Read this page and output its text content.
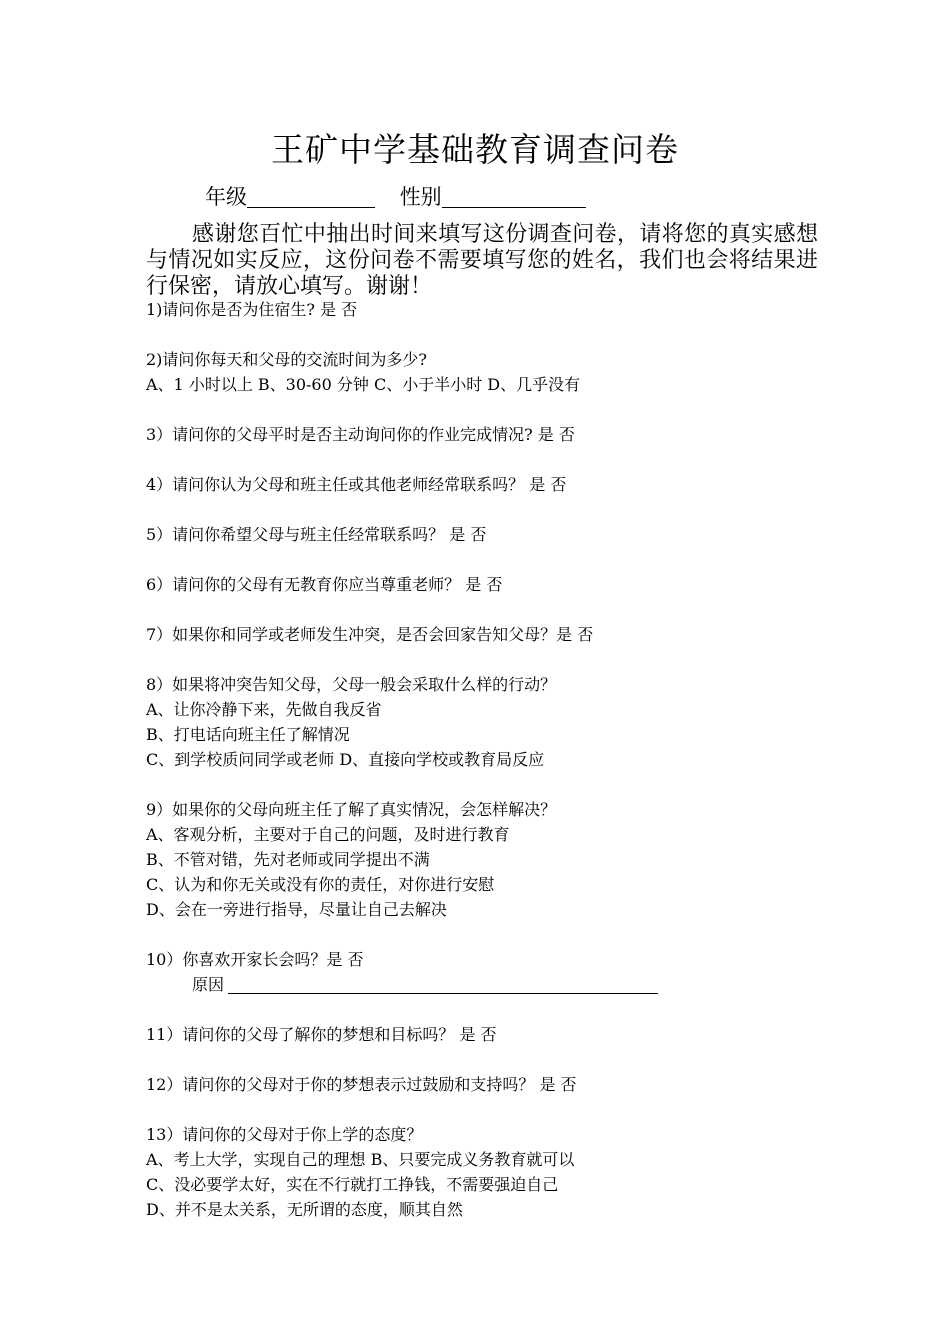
王矿中学基础教育调查问卷
年级	性别

感谢您百忙中抽出时间来填写这份调查问卷，请将您的真实感想与情况如实反应，这份问卷不需要填写您的姓名，我们也会将结果进行保密，请放心填写。谢谢！

1)请问你是否为住宿生? 是 否
2)请问你每天和父母的交流时间为多少?
A、1 小时以上 B、30-60 分钟 C、小于半小时 D、几乎没有
3）请问你的父母平时是否主动询问你的作业完成情况? 是 否
4）请问你认为父母和班主任或其他老师经常联系吗？ 是 否
5）请问你希望父母与班主任经常联系吗？ 是 否
6）请问你的父母有无教育你应当尊重老师？ 是 否
7）如果你和同学或老师发生冲突，是否会回家告知父母？是 否
8）如果将冲突告知父母，父母一般会采取什么样的行动？
A、让你冷静下来，先做自我反省
B、打电话向班主任了解情况
C、到学校质问同学或老师 D、直接向学校或教育局反应
9）如果你的父母向班主任了解了真实情况，会怎样解决？
A、客观分析，主要对于自己的问题，及时进行教育
B、不管对错，先对老师或同学提出不满
C、认为和你无关或没有你的责任，对你进行安慰
D、会在一旁进行指导，尽量让自己去解决
10）你喜欢开家长会吗？是 否
原因
11）请问你的父母了解你的梦想和目标吗？ 是 否
12）请问你的父母对于你的梦想表示过鼓励和支持吗？ 是 否
13）请问你的父母对于你上学的态度？
A、考上大学，实现自己的理想 B、只要完成义务教育就可以
C、没必要学太好，实在不行就打工挣钱，不需要强迫自己
D、并不是太关系，无所谓的态度，顺其自然
